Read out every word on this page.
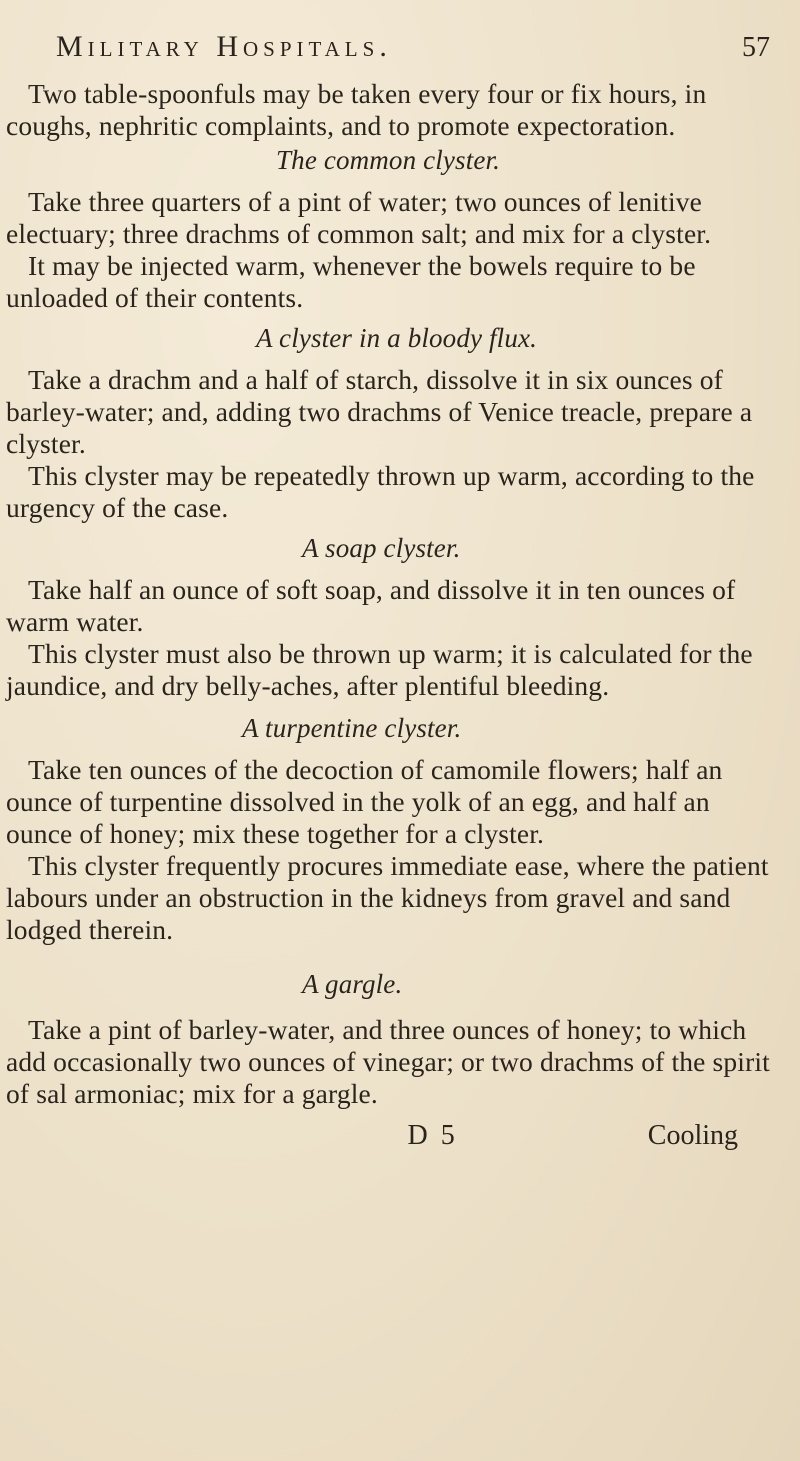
Military Hospitals.	57

Two table-spoonfuls may be taken every four or fix hours, in coughs, nephritic complaints, and to promote expectoration.

The common clyster.

Take three quarters of a pint of water; two ounces of lenitive electuary; three drachms of common salt; and mix for a clyster.

It may be injected warm, whenever the bowels require to be unloaded of their contents.

A clyster in a bloody flux.

Take a drachm and a half of starch, dissolve it in six ounces of barley-water; and, adding two drachms of Venice treacle, prepare a clyster.

This clyster may be repeatedly thrown up warm, according to the urgency of the case.

A soap clyster.

Take half an ounce of soft soap, and dissolve it in ten ounces of warm water.

This clyster must also be thrown up warm; it is calculated for the jaundice, and dry belly-aches, after plentiful bleeding.

A turpentine clyster.

Take ten ounces of the decoction of camomile flowers; half an ounce of turpentine dissolved in the yolk of an egg, and half an ounce of honey; mix these together for a clyster.

This clyster frequently procures immediate ease, where the patient labours under an obstruction in the kidneys from gravel and sand lodged therein.

A gargle.

Take a pint of barley-water, and three ounces of honey; to which add occasionally two ounces of vinegar; or two drachms of the spirit of sal armoniac; mix for a gargle.

D 5	Cooling
